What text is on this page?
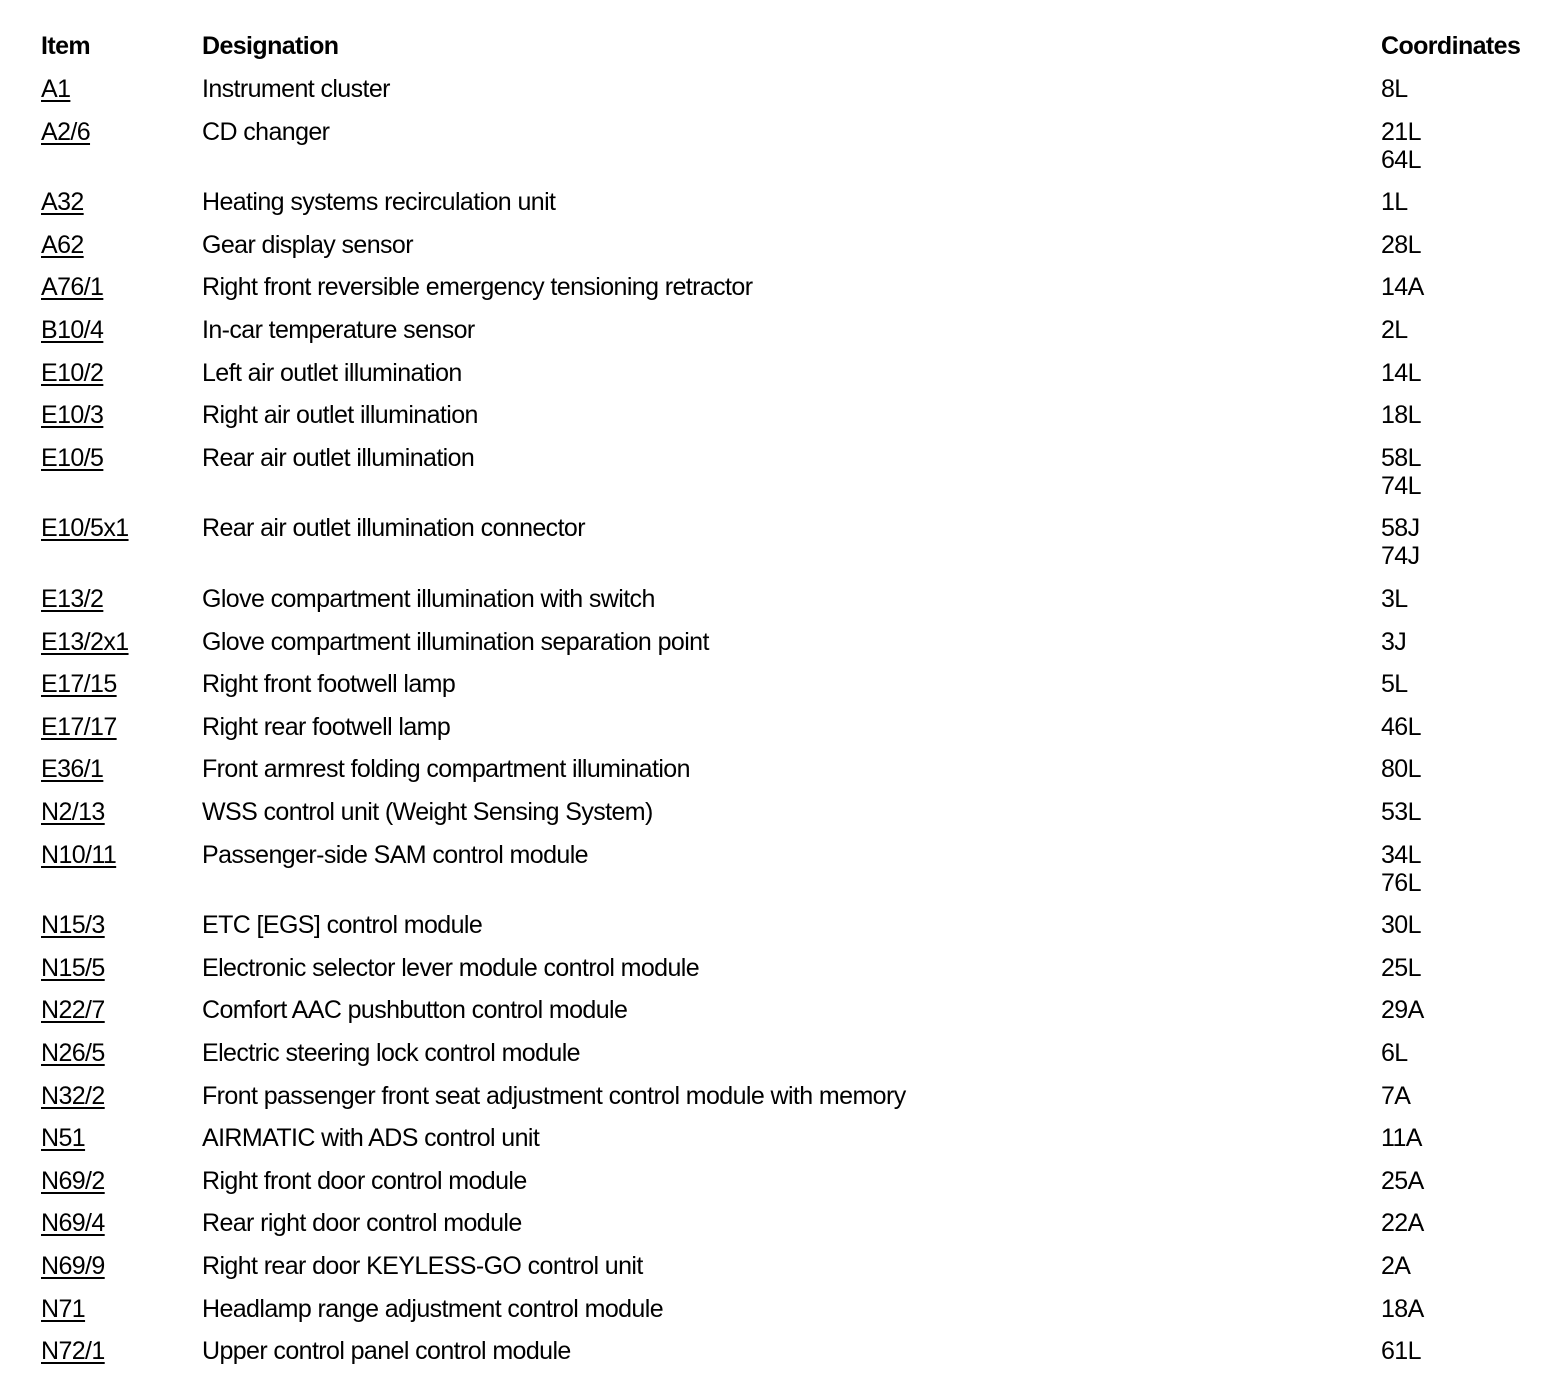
Item	Designation	Coordinates
A1	Instrument cluster	8L
A2/6	CD changer	21L
64L
A32	Heating systems recirculation unit	1L
A62	Gear display sensor	28L
A76/1	Right front reversible emergency tensioning retractor	14A
B10/4	In-car temperature sensor	2L
E10/2	Left air outlet illumination	14L
E10/3	Right air outlet illumination	18L
E10/5	Rear air outlet illumination	58L
74L
E10/5x1	Rear air outlet illumination connector	58J
74J
E13/2	Glove compartment illumination with switch	3L
E13/2x1	Glove compartment illumination separation point	3J
E17/15	Right front footwell lamp	5L
E17/17	Right rear footwell lamp	46L
E36/1	Front armrest folding compartment illumination	80L
N2/13	WSS control unit (Weight Sensing System)	53L
N10/11	Passenger-side SAM control module	34L
76L
N15/3	ETC [EGS] control module	30L
N15/5	Electronic selector lever module control module	25L
N22/7	Comfort AAC pushbutton control module	29A
N26/5	Electric steering lock control module	6L
N32/2	Front passenger front seat adjustment control module with memory	7A
N51	AIRMATIC with ADS control unit	11A
N69/2	Right front door control module	25A
N69/4	Rear right door control module	22A
N69/9	Right rear door KEYLESS-GO control unit	2A
N71	Headlamp range adjustment control module	18A
N72/1	Upper control panel control module	61L
